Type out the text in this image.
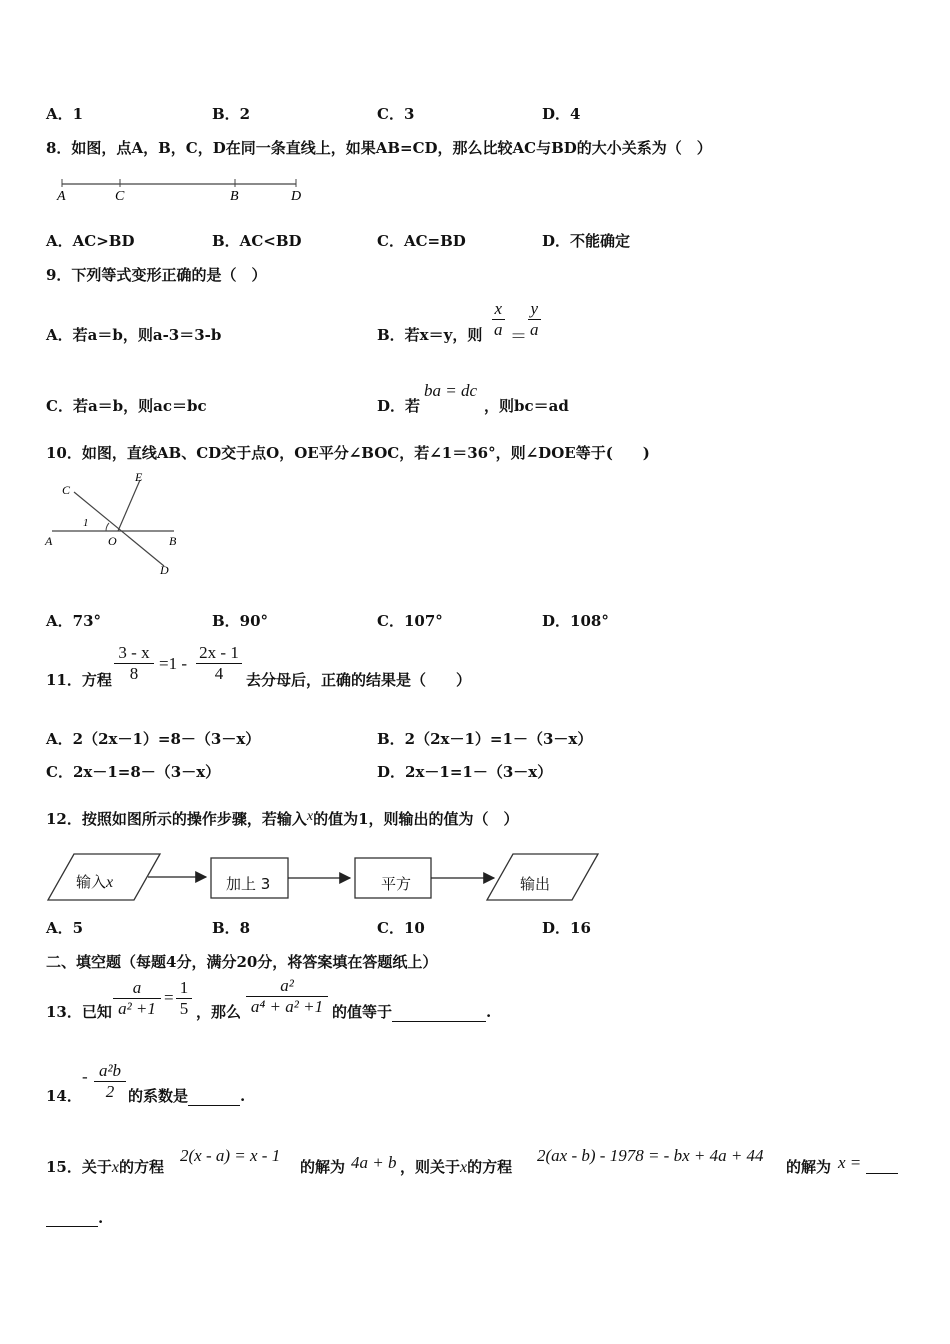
A．1	B．2	C．3	D．4
8．如图，点A，B，C，D在同一条直线上，如果AB=CD，那么比较AC与BD的大小关系为（　）
A	C	B	D
A．AC>BD	B．AC<BD	C．AC=BD	D．不能确定
9．下列等式变形正确的是（　）
A．若a＝b，则a-3＝3-b	B．若x＝y，则
x
a ＝
y
a
C．若a＝b，则ac＝bc	D．若
ba = dc
，则bc＝ad
10．如图，直线AB、CD交于点O，OE平分∠BOC，若∠1＝36°，则∠DOE等于(　　)
A	B
C
D
E
O
1
A．73°	B．90°	C．107°	D．108°
11．方程
3 - x
8
=1 -
2x - 1
4	去分母后，正确的结果是（　　）
A．2（2x－1）=8－（3－x）	B．2（2x－1）=1－（3－x）
C．2x－1=8－（3－x）	D．2x－1=1－（3－x）
12．按照如图所示的操作步骤，若输入x的值为1，则输出的值为（　）
输入x	加上 3	平方	输出
A．5	B．8	C．10	D．16
二、填空题（每题4分，满分20分，将答案填在答题纸上）
13．已知
a
a² +1
=
1
5 ，那么
a²
a⁴ + a² +1 的值等于	.
14．
- a²b
2 的系数是	.
15．关于x的方程
2(x - a) = x - 1
的解为 4a + b ，则关于x的方程
2(ax - b) - 1978 = - bx + 4a + 44
的解为 x =
.
